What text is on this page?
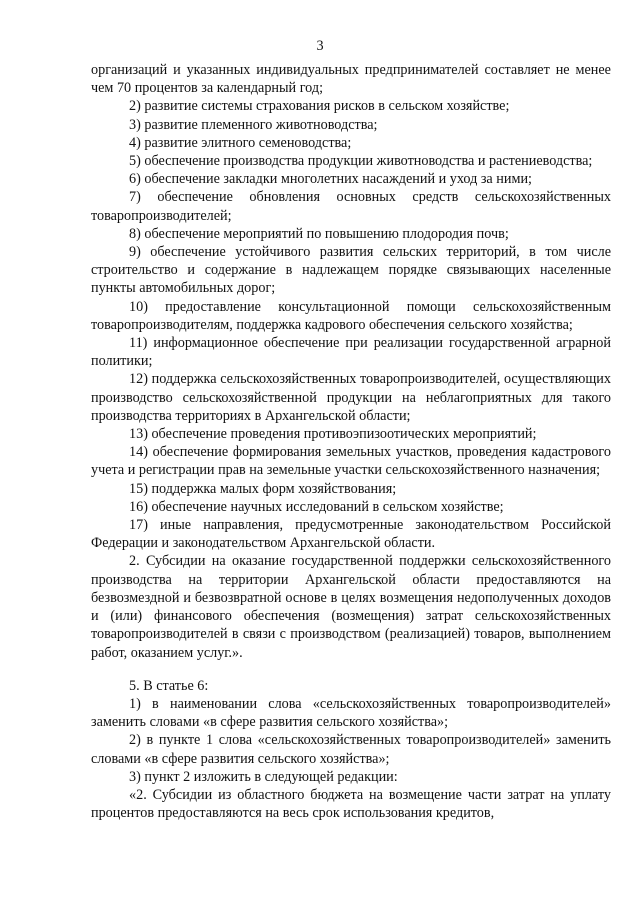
3

организаций и указанных индивидуальных предпринимателей составляет не менее чем 70 процентов за календарный год;

2) развитие системы страхования рисков в сельском хозяйстве;

3) развитие племенного животноводства;

4) развитие элитного семеноводства;

5) обеспечение производства продукции животноводства и растениеводства;

6) обеспечение закладки многолетних насаждений и уход за ними;

7) обеспечение обновления основных средств сельскохозяйственных товаропроизводителей;

8) обеспечение мероприятий по повышению плодородия почв;

9) обеспечение устойчивого развития сельских территорий, в том числе строительство и содержание в надлежащем порядке связывающих населенные пункты автомобильных дорог;

10) предоставление консультационной помощи сельскохозяйственным товаропроизводителям, поддержка кадрового обеспечения сельского хозяйства;

11) информационное обеспечение при реализации государственной аграрной политики;

12) поддержка сельскохозяйственных товаропроизводителей, осуществляющих производство сельскохозяйственной продукции на неблагоприятных для такого производства территориях в Архангельской области;

13) обеспечение проведения противоэпизоотических мероприятий;

14) обеспечение формирования земельных участков, проведения кадастрового учета и регистрации прав на земельные участки сельскохозяйственного назначения;

15) поддержка малых форм хозяйствования;

16) обеспечение научных исследований в сельском хозяйстве;

17) иные направления, предусмотренные законодательством Российской Федерации и законодательством Архангельской области.

2. Субсидии на оказание государственной поддержки сельскохозяйственного производства на территории Архангельской области предоставляются на безвозмездной и безвозвратной основе в целях возмещения недополученных доходов и (или) финансового обеспечения (возмещения) затрат сельскохозяйственных товаропроизводителей в связи с производством (реализацией) товаров, выполнением работ, оказанием услуг.».

5. В статье 6:

1) в наименовании слова «сельскохозяйственных товаропроизводителей» заменить словами «в сфере развития сельского хозяйства»;

2) в пункте 1 слова «сельскохозяйственных товаропроизводителей» заменить словами «в сфере развития сельского хозяйства»;

3) пункт 2 изложить в следующей редакции:

«2. Субсидии из областного бюджета на возмещение части затрат на уплату процентов предоставляются на весь срок использования кредитов,
